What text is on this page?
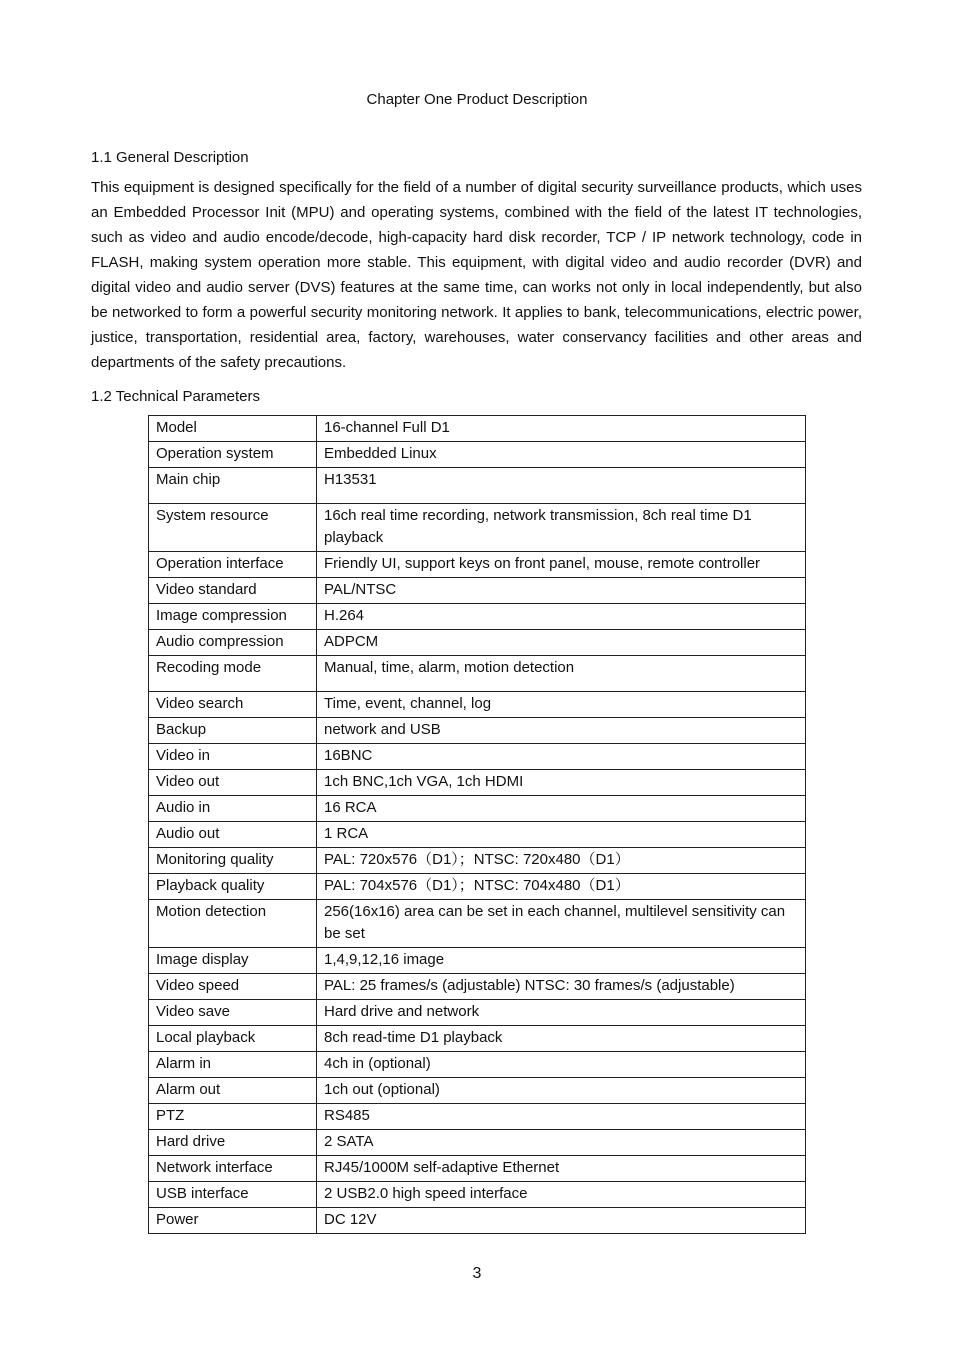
Chapter One Product Description
1.1 General Description

This equipment is designed specifically for the field of a number of digital security surveillance products, which uses an Embedded Processor Init (MPU) and operating systems, combined with the field of the latest IT technologies, such as video and audio encode/decode, high-capacity hard disk recorder, TCP / IP network technology, code in FLASH, making system operation more stable. This equipment, with digital video and audio recorder (DVR) and digital video and audio server (DVS) features at the same time, can works not only in local independently, but also be networked to form a powerful security monitoring network. It applies to bank, telecommunications, electric power, justice, transportation, residential area, factory, warehouses, water conservancy facilities and other areas and departments of the safety precautions.

1.2 Technical Parameters
Model	16-channel Full D1
Operation system	Embedded Linux
Main chip	H13531
System resource	16ch real time recording, network transmission, 8ch real time D1 playback
Operation interface	Friendly UI, support keys on front panel, mouse, remote controller
Video standard	PAL/NTSC
Image compression	H.264
Audio compression	ADPCM
Recoding mode	Manual, time, alarm, motion detection
Video search	Time, event, channel, log
Backup	network and USB
Video in	16BNC
Video out	1ch BNC,1ch VGA, 1ch HDMI
Audio in	16 RCA
Audio out	1 RCA
Monitoring quality	PAL: 720x576（D1）；NTSC: 720x480（D1）
Playback quality	PAL: 704x576（D1）；NTSC: 704x480（D1）
Motion detection	256(16x16) area can be set in each channel, multilevel sensitivity can be set
Image display	1,4,9,12,16 image
Video speed	PAL: 25 frames/s (adjustable) NTSC: 30 frames/s (adjustable)
Video save	Hard drive and network
Local playback	8ch read-time D1 playback
Alarm in	4ch in (optional)
Alarm out	1ch out (optional)
PTZ	RS485
Hard drive	2 SATA
Network interface	RJ45/1000M self-adaptive Ethernet
USB interface	2 USB2.0 high speed interface
Power	DC 12V
3
